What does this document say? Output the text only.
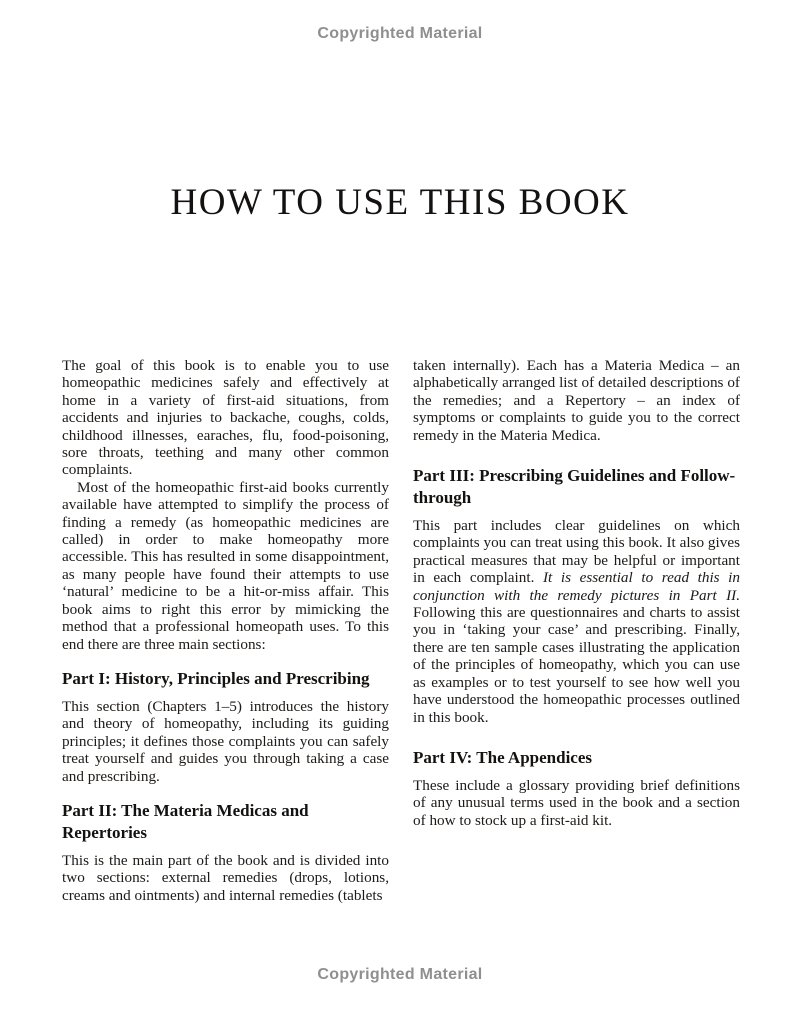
Copyrighted Material
HOW TO USE THIS BOOK

The goal of this book is to enable you to use homeopathic medicines safely and effectively at home in a variety of first-aid situations, from accidents and injuries to backache, coughs, colds, childhood illnesses, earaches, flu, food-poisoning, sore throats, teething and many other common complaints.

Most of the homeopathic first-aid books currently available have attempted to simplify the process of finding a remedy (as homeopathic medicines are called) in order to make homeopathy more accessible. This has resulted in some disappointment, as many people have found their attempts to use ‘natural’ medicine to be a hit-or-miss affair. This book aims to right this error by mimicking the method that a professional homeopath uses. To this end there are three main sections:

Part I: History, Principles and Prescribing

This section (Chapters 1–5) introduces the history and theory of homeopathy, including its guiding principles; it defines those complaints you can safely treat yourself and guides you through taking a case and prescribing.

Part II: The Materia Medicas and Repertories

This is the main part of the book and is divided into two sections: external remedies (drops, lotions, creams and ointments) and internal remedies (tablets

taken internally). Each has a Materia Medica – an alphabetically arranged list of detailed descriptions of the remedies; and a Repertory – an index of symptoms or complaints to guide you to the correct remedy in the Materia Medica.

Part III: Prescribing Guidelines and Follow-through

This part includes clear guidelines on which complaints you can treat using this book. It also gives practical measures that may be helpful or important in each complaint. It is essential to read this in conjunction with the remedy pictures in Part II. Following this are questionnaires and charts to assist you in ‘taking your case’ and prescribing. Finally, there are ten sample cases illustrating the application of the principles of homeopathy, which you can use as examples or to test yourself to see how well you have understood the homeopathic processes outlined in this book.

Part IV: The Appendices

These include a glossary providing brief definitions of any unusual terms used in the book and a section of how to stock up a first-aid kit.

Copyrighted Material
